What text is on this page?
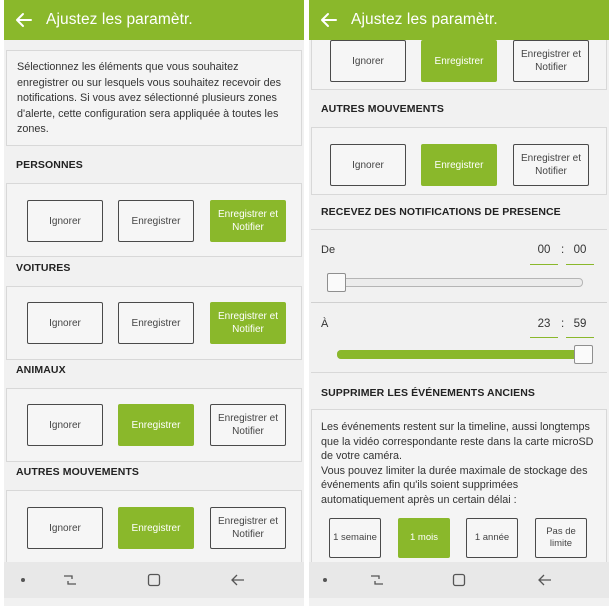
Ajustez les paramètr.
Sélectionnez les éléments que vous souhaitez enregistrer ou sur lesquels vous souhaitez recevoir des notifications. Si vous avez sélectionné plusieurs zones d'alerte, cette configuration sera appliquée à toutes les zones.
PERSONNES
Ignorer	Enregistrer
Enregistrer et Notifier
VOITURES
Ignorer	Enregistrer
Enregistrer et Notifier
ANIMAUX
Ignorer	Enregistrer
Enregistrer et Notifier
AUTRES MOUVEMENTS
Ignorer	Enregistrer
Enregistrer et Notifier
Ajustez les paramètr.
Ignorer	Enregistrer
Enregistrer et Notifier
AUTRES MOUVEMENTS
Ignorer	Enregistrer
Enregistrer et Notifier
RECEVEZ DES NOTIFICATIONS DE PRESENCE
De	00 : 00
À	23 : 59
SUPPRIMER LES ÉVÉNEMENTS ANCIENS
Les événements restent sur la timeline, aussi longtemps que la vidéo correspondante reste dans la carte microSD de votre caméra.
Vous pouvez limiter la durée maximale de stockage des événements afin qu'ils soient supprimées automatiquement après un certain délai :
1 semaine	1 mois	1 année
Pas de limite
